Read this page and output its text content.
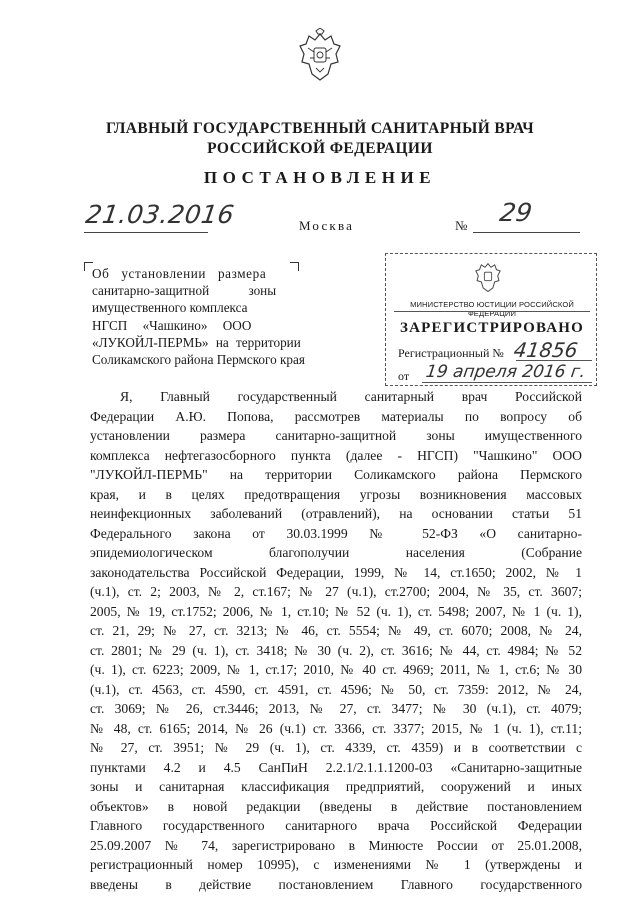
ГЛАВНЫЙ ГОСУДАРСТВЕННЫЙ САНИТАРНЫЙ ВРАЧ
РОССИЙСКОЙ ФЕДЕРАЦИИ
ПОСТАНОВЛЕНИЕ
21.03.2016	Москва	№ 29
Об установлении размера
санитарно-защитной зоны
имущественного комплекса
НГСП «Чашкино» ООО
«ЛУКОЙЛ-ПЕРМЬ» на территории
Соликамского района Пермского края
МИНИСТЕРСТВО ЮСТИЦИИ РОССИЙСКОЙ ФЕДЕРАЦИИ
ЗАРЕГИСТРИРОВАНО
Регистрационный № 41856
от 19 апреля 2016 г.
Я, Главный государственный санитарный врач Российской
Федерации А.Ю. Попова, рассмотрев материалы по вопросу об
установлении размера санитарно-защитной зоны имущественного
комплекса нефтегазосборного пункта (далее - НГСП) "Чашкино" ООО
"ЛУКОЙЛ-ПЕРМЬ" на территории Соликамского района Пермского
края, и в целях предотвращения угрозы возникновения массовых
неинфекционных заболеваний (отравлений), на основании статьи 51
Федерального закона от 30.03.1999 № 52-ФЗ «О санитарно-
эпидемиологическом благополучии населения (Собрание
законодательства Российской Федерации, 1999, № 14, ст.1650; 2002, № 1
(ч.1), ст. 2; 2003, № 2, ст.167; № 27 (ч.1), ст.2700; 2004, № 35, ст. 3607;
2005, № 19, ст.1752; 2006, № 1, ст.10; № 52 (ч. 1), ст. 5498; 2007, № 1 (ч. 1),
ст. 21, 29; № 27, ст. 3213; № 46, ст. 5554; № 49, ст. 6070; 2008, № 24,
ст. 2801; № 29 (ч. 1), ст. 3418; № 30 (ч. 2), ст. 3616; № 44, ст. 4984; № 52
(ч. 1), ст. 6223; 2009, № 1, ст.17; 2010, № 40 ст. 4969; 2011, № 1, ст.6; № 30
(ч.1), ст. 4563, ст. 4590, ст. 4591, ст. 4596; № 50, ст. 7359: 2012, № 24,
ст. 3069; № 26, ст.3446; 2013, № 27, ст. 3477; № 30 (ч.1), ст. 4079;
№ 48, ст. 6165; 2014, № 26 (ч.1) ст. 3366, ст. 3377; 2015, № 1 (ч. 1), ст.11;
№ 27, ст. 3951; № 29 (ч. 1), ст. 4339, ст. 4359) и в соответствии с
пунктами 4.2 и 4.5 СанПиН 2.2.1/2.1.1.1200-03 «Санитарно-защитные
зоны и санитарная классификация предприятий, сооружений и иных
объектов» в новой редакции (введены в действие постановлением
Главного государственного санитарного врача Российской Федерации
25.09.2007 № 74, зарегистрировано в Минюсте России от 25.01.2008,
регистрационный номер 10995), с изменениями № 1 (утверждены и
введены в действие постановлением Главного государственного
